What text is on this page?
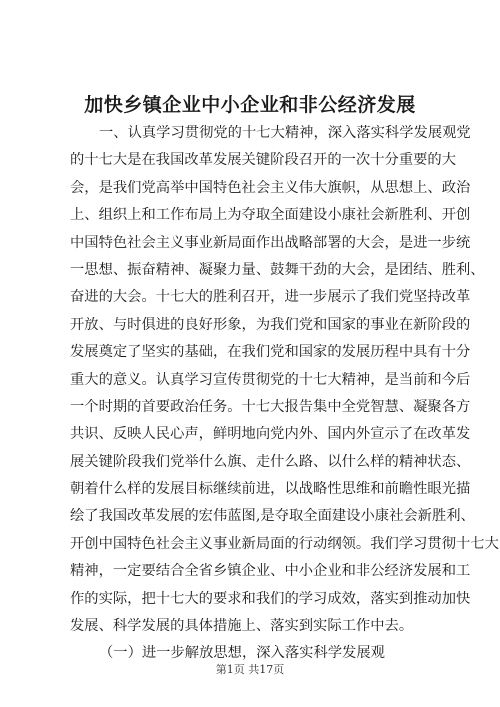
加快乡镇企业中小企业和非公经济发展
一、认真学习贯彻党的十七大精神，深入落实科学发展观党
的十七大是在我国改革发展关键阶段召开的一次十分重要的大
会，是我们党高举中国特色社会主义伟大旗帜，从思想上、政治
上、组织上和工作布局上为夺取全面建设小康社会新胜利、开创
中国特色社会主义事业新局面作出战略部署的大会，是进一步统
一思想、振奋精神、凝聚力量、鼓舞干劲的大会，是团结、胜利、
奋进的大会。十七大的胜利召开，进一步展示了我们党坚持改革
开放、与时俱进的良好形象，为我们党和国家的事业在新阶段的
发展奠定了坚实的基础，在我们党和国家的发展历程中具有十分
重大的意义。认真学习宣传贯彻党的十七大精神，是当前和今后
一个时期的首要政治任务。十七大报告集中全党智慧、凝聚各方
共识、反映人民心声，鲜明地向党内外、国内外宣示了在改革发
展关键阶段我们党举什么旗、走什么路、以什么样的精神状态、
朝着什么样的发展目标继续前进，以战略性思维和前瞻性眼光描
绘了我国改革发展的宏伟蓝图,是夺取全面建设小康社会新胜利、
开创中国特色社会主义事业新局面的行动纲领。我们学习贯彻十七大
精神，一定要结合全省乡镇企业、中小企业和非公经济发展和工
作的实际，把十七大的要求和我们的学习成效，落实到推动加快
发展、科学发展的具体措施上、落实到实际工作中去。
（一）进一步解放思想，深入落实科学发展观
第1页 共17页
